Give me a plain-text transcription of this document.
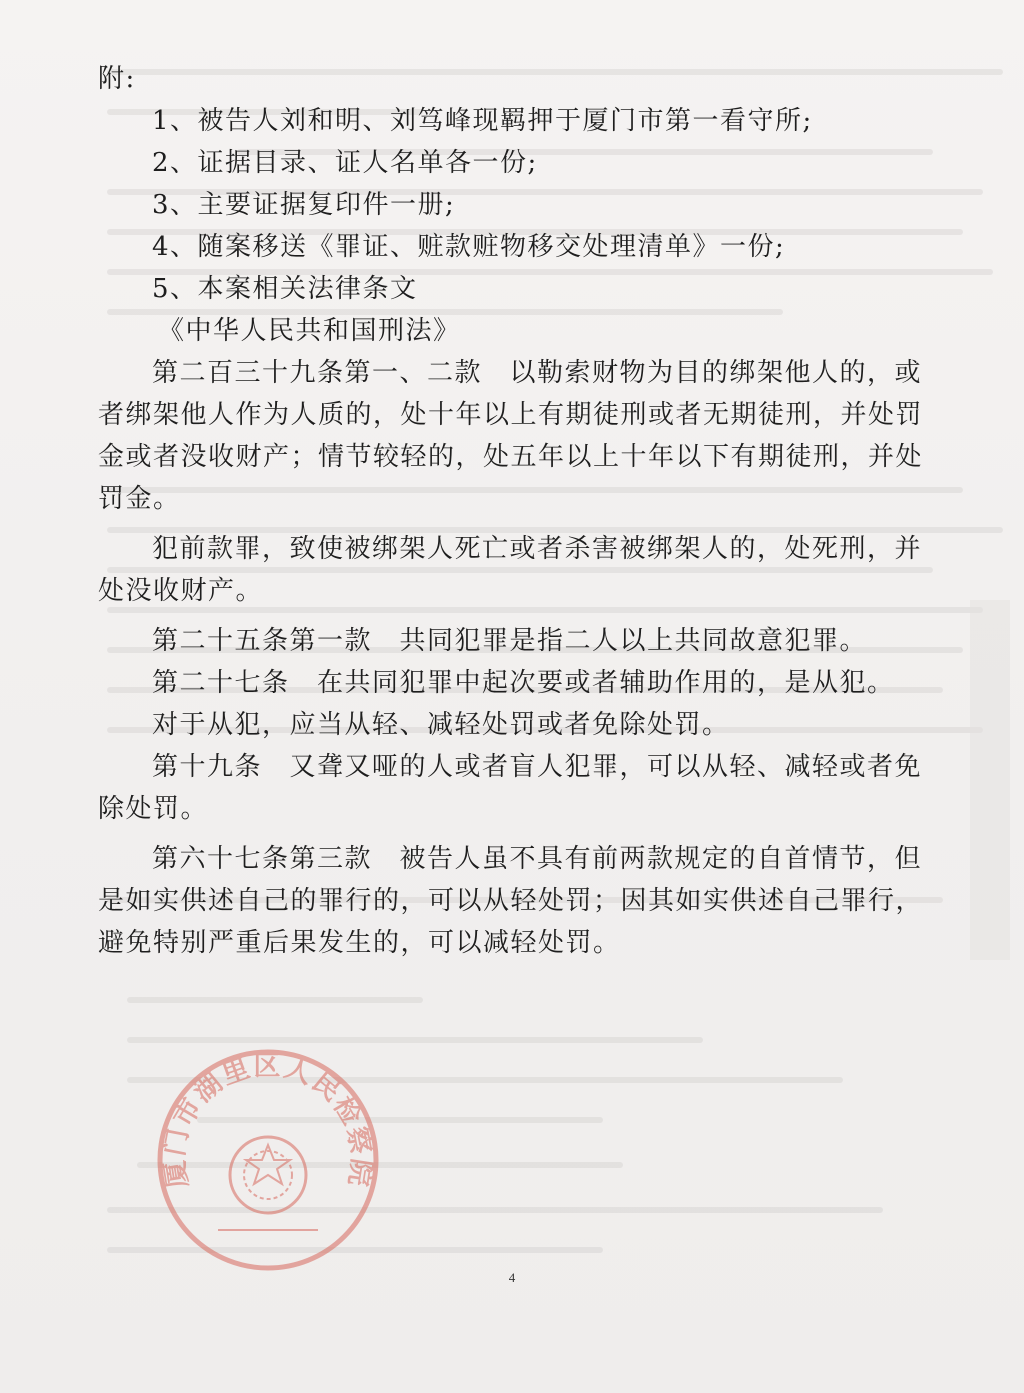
附:
1、被告人刘和明、刘笃峰现羁押于厦门市第一看守所;
2、证据目录、证人名单各一份;
3、主要证据复印件一册;
4、随案移送《罪证、赃款赃物移交处理清单》一份;
5、本案相关法律条文
《中华人民共和国刑法》
第二百三十九条第一、二款　以勒索财物为目的绑架他人的，或
者绑架他人作为人质的，处十年以上有期徒刑或者无期徒刑，并处罚
金或者没收财产；情节较轻的，处五年以上十年以下有期徒刑，并处
罚金。
犯前款罪，致使被绑架人死亡或者杀害被绑架人的，处死刑，并
处没收财产。
第二十五条第一款　共同犯罪是指二人以上共同故意犯罪。
第二十七条　在共同犯罪中起次要或者辅助作用的，是从犯。
对于从犯，应当从轻、减轻处罚或者免除处罚。
第十九条　又聋又哑的人或者盲人犯罪，可以从轻、减轻或者免
除处罚。
第六十七条第三款　被告人虽不具有前两款规定的自首情节，但
是如实供述自己的罪行的，可以从轻处罚；因其如实供述自己罪行，
避免特别严重后果发生的，可以减轻处罚。
厦门市湖里区人民检察院
4
